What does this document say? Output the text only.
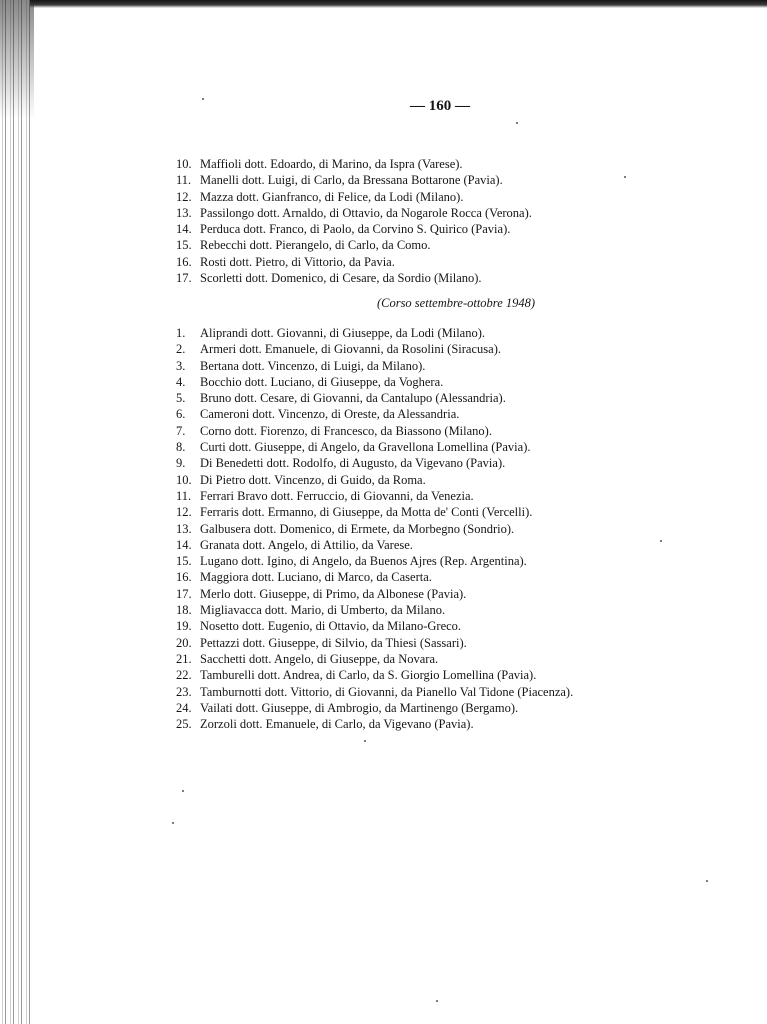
— 160 —
10. Maffioli dott. Edoardo, di Marino, da Ispra (Varese).
11. Manelli dott. Luigi, di Carlo, da Bressana Bottarone (Pavia).
12. Mazza dott. Gianfranco, di Felice, da Lodi (Milano).
13. Passilongo dott. Arnaldo, di Ottavio, da Nogarole Rocca (Verona).
14. Perduca dott. Franco, di Paolo, da Corvino S. Quirico (Pavia).
15. Rebecchi dott. Pierangelo, di Carlo, da Como.
16. Rosti dott. Pietro, di Vittorio, da Pavia.
17. Scorletti dott. Domenico, di Cesare, da Sordio (Milano).
(Corso settembre-ottobre 1948)
1.	Aliprandi dott. Giovanni, di Giuseppe, da Lodi (Milano).
2.	Armeri dott. Emanuele, di Giovanni, da Rosolini (Siracusa).
3.	Bertana dott. Vincenzo, di Luigi, da Milano).
4.	Bocchio dott. Luciano, di Giuseppe, da Voghera.
5.	Bruno dott. Cesare, di Giovanni, da Cantalupo (Alessandria).
6.	Cameroni dott. Vincenzo, di Oreste, da Alessandria.
7.	Corno dott. Fiorenzo, di Francesco, da Biassono (Milano).
8.	Curti dott. Giuseppe, di Angelo, da Gravellona Lomellina (Pavia).
9.	Di Benedetti dott. Rodolfo, di Augusto, da Vigevano (Pavia).
10. Di Pietro dott. Vincenzo, di Guido, da Roma.
11. Ferrari Bravo dott. Ferruccio, di Giovanni, da Venezia.
12. Ferraris dott. Ermanno, di Giuseppe, da Motta de' Conti (Vercelli).
13. Galbusera dott. Domenico, di Ermete, da Morbegno (Sondrio).
14. Granata dott. Angelo, di Attilio, da Varese.
15. Lugano dott. Igino, di Angelo, da Buenos Ajres (Rep. Argentina).
16. Maggiora dott. Luciano, di Marco, da Caserta.
17. Merlo dott. Giuseppe, di Primo, da Albonese (Pavia).
18. Migliavacca dott. Mario, di Umberto, da Milano.
19. Nosetto dott. Eugenio, di Ottavio, da Milano-Greco.
20. Pettazzi dott. Giuseppe, di Silvio, da Thiesi (Sassari).
21. Sacchetti dott. Angelo, di Giuseppe, da Novara.
22. Tamburelli dott. Andrea, di Carlo, da S. Giorgio Lomellina (Pavia).
23. Tamburnotti dott. Vittorio, di Giovanni, da Pianello Val Tidone (Piacenza).
24. Vailati dott. Giuseppe, di Ambrogio, da Martinengo (Bergamo).
25. Zorzoli dott. Emanuele, di Carlo, da Vigevano (Pavia).
